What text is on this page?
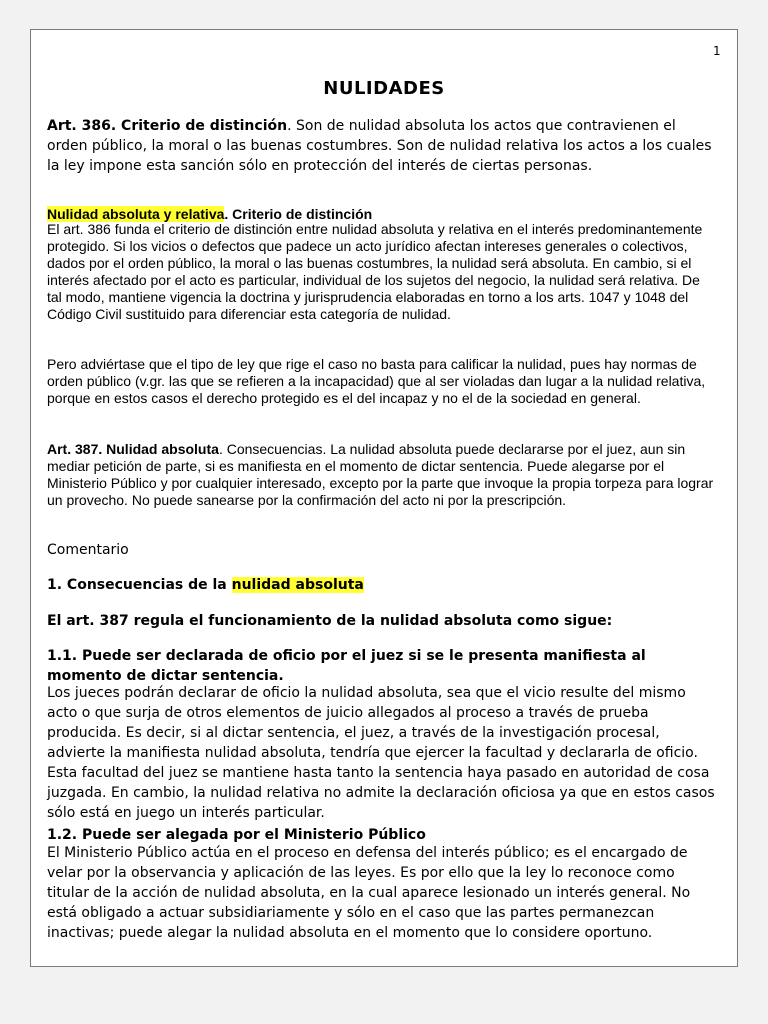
1
NULIDADES

Art. 386. Criterio de distinción. Son de nulidad absoluta los actos que contravienen el orden público, la moral o las buenas costumbres. Son de nulidad relativa los actos a los cuales la ley impone esta sanción sólo en protección del interés de ciertas personas.

Nulidad absoluta y relativa. Criterio de distinción

El art. 386 funda el criterio de distinción entre nulidad absoluta y relativa en el interés predominantemente protegido. Si los vicios o defectos que padece un acto jurídico afectan intereses generales o colectivos, dados por el orden público, la moral o las buenas costumbres, la nulidad será absoluta. En cambio, si el interés afectado por el acto es particular, individual de los sujetos del negocio, la nulidad será relativa. De tal modo, mantiene vigencia la doctrina y jurisprudencia elaboradas en torno a los arts. 1047 y 1048 del Código Civil sustituido para diferenciar esta categoría de nulidad.

Pero adviértase que el tipo de ley que rige el caso no basta para calificar la nulidad, pues hay normas de orden público (v.gr. las que se refieren a la incapacidad) que al ser violadas dan lugar a la nulidad relativa, porque en estos casos el derecho protegido es el del incapaz y no el de la sociedad en general.

Art. 387. Nulidad absoluta. Consecuencias. La nulidad absoluta puede declararse por el juez, aun sin mediar petición de parte, si es manifiesta en el momento de dictar sentencia. Puede alegarse por el Ministerio Público y por cualquier interesado, excepto por la parte que invoque la propia torpeza para lograr un provecho. No puede sanearse por la confirmación del acto ni por la prescripción.

Comentario

1. Consecuencias de la nulidad absoluta

El art. 387 regula el funcionamiento de la nulidad absoluta como sigue:

1.1. Puede ser declarada de oficio por el juez si se le presenta manifiesta al momento de dictar sentencia.

Los jueces podrán declarar de oficio la nulidad absoluta, sea que el vicio resulte del mismo acto o que surja de otros elementos de juicio allegados al proceso a través de prueba producida. Es decir, si al dictar sentencia, el juez, a través de la investigación procesal, advierte la manifiesta nulidad absoluta, tendría que ejercer la facultad y declararla de oficio. Esta facultad del juez se mantiene hasta tanto la sentencia haya pasado en autoridad de cosa juzgada. En cambio, la nulidad relativa no admite la declaración oficiosa ya que en estos casos sólo está en juego un interés particular.

1.2. Puede ser alegada por el Ministerio Público

El Ministerio Público actúa en el proceso en defensa del interés público; es el encargado de velar por la observancia y aplicación de las leyes. Es por ello que la ley lo reconoce como titular de la acción de nulidad absoluta, en la cual aparece lesionado un interés general. No está obligado a actuar subsidiariamente y sólo en el caso que las partes permanezcan inactivas; puede alegar la nulidad absoluta en el momento que lo considere oportuno.
